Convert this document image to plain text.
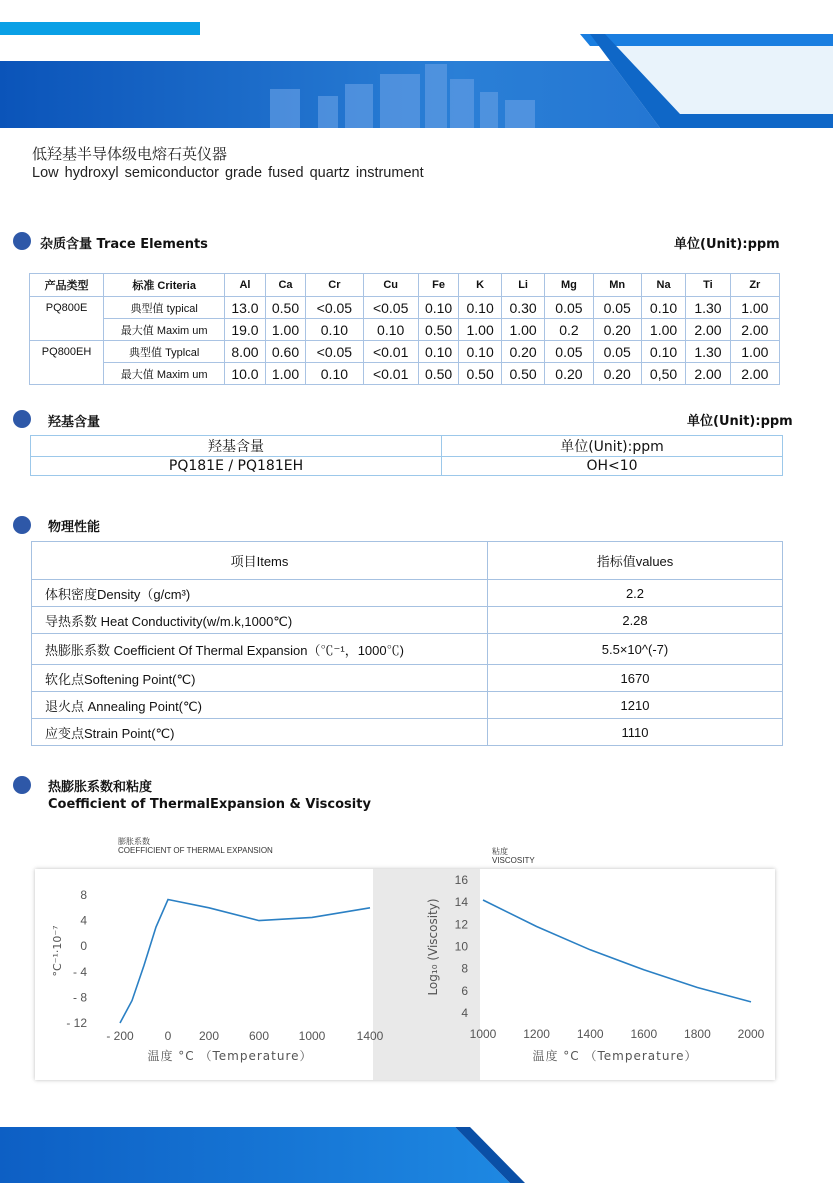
低羟基半导体级电熔石英仪器
Low hydroxyl semiconductor grade fused quartz instrument
杂质含量 Trace Elements	单位(Unit):ppm
产品类型	标准 Criteria	Al	Ca	Cr	Cu	Fe	K	Li	Mg	Mn	Na	Ti	Zr
PQ800E	典型值 typical	13.0	0.50	<0.05	<0.05	0.10	0.10	0.30	0.05	0.05	0.10	1.30	1.00
	最大值 Maxim um	19.0	1.00	0.10	0.10	0.50	1.00	1.00	0.2	0.20	1.00	2.00	2.00
PQ800EH	典型值 Typlcal	8.00	0.60	<0.05	<0.01	0.10	0.10	0.20	0.05	0.05	0.10	1.30	1.00
	最大值 Maxim um	10.0	1.00	0.10	<0.01	0.50	0.50	0.50	0.20	0.20	0,50	2.00	2.00
羟基含量	单位(Unit):ppm
羟基含量	单位(Unit):ppm
PQ181E / PQ181EH	OH<10
物理性能
项目Items	指标值values
体积密度Density（g/cm³)	2.2
导热系数 Heat Conductivity(w/m.k,1000℃)	2.28
热膨胀系数 Coefficient Of Thermal Expansion（℃⁻¹，1000℃)	5.5×10^(-7)
软化点Softening Point(℃)	1670
退火点 Annealing Point(℃)	1210
应变点Strain Point(℃)	1110
热膨胀系数和粘度
Coefficient of ThermalExpansion & Viscosity
膨胀系数
COEFFICIENT OF THERMAL EXPANSION	粘度
VISCOSITY
8
4
0
- 4
- 8
- 12
- 200	0 200 600 1000	1400
温度 °C （Temperature）
°C⁻¹·10⁻⁷
16
14
12
10
8
6
4
1000 1200 1400 1600 1800 2000
温度 °C （Temperature）
Log₁₀ (Viscosity)
